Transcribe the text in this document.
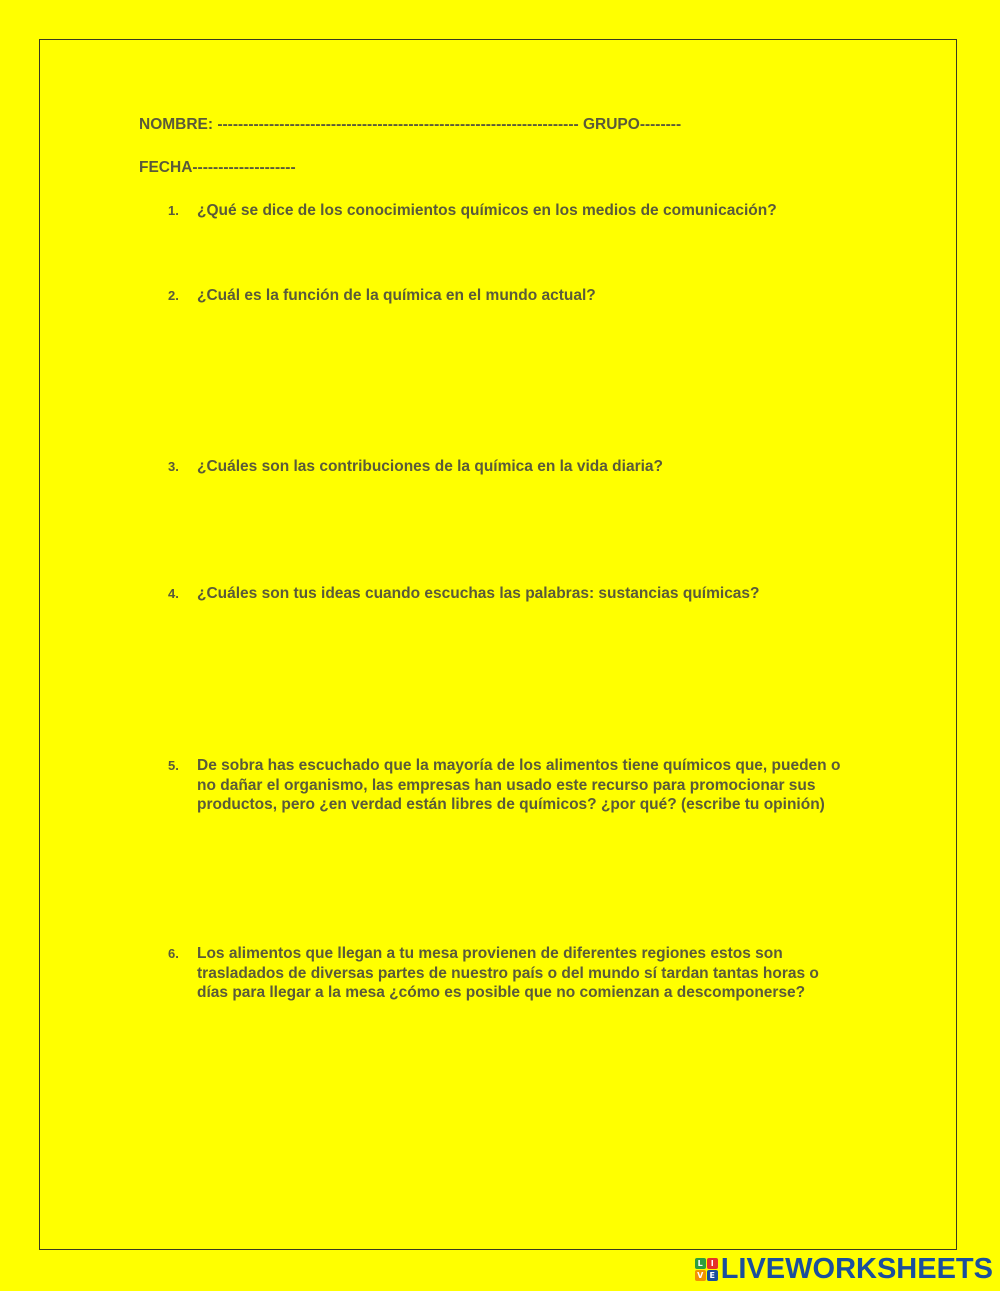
NOMBRE: ---------------------------------------------------------------------- GRUPO--------
FECHA--------------------
1.	¿Qué se dice de los conocimientos químicos en los medios de comunicación?
2.	¿Cuál es la función de la química en el mundo actual?
3.	¿Cuáles son las contribuciones de la química en la vida diaria?
4.	¿Cuáles son tus ideas cuando escuchas las palabras: sustancias químicas?
5.	De sobra has escuchado que la mayoría de los alimentos tiene químicos que, pueden o no dañar el organismo, las empresas han usado este recurso para promocionar sus productos, pero ¿en verdad están libres de químicos? ¿por qué? (escribe tu opinión)
6.	Los alimentos que llegan a tu mesa provienen de diferentes regiones estos son trasladados de diversas partes de nuestro país o del mundo sí tardan tantas horas o días para llegar a la mesa ¿cómo es posible que no comienzan a descomponerse?
L I
V E LIVEWORKSHEETS
